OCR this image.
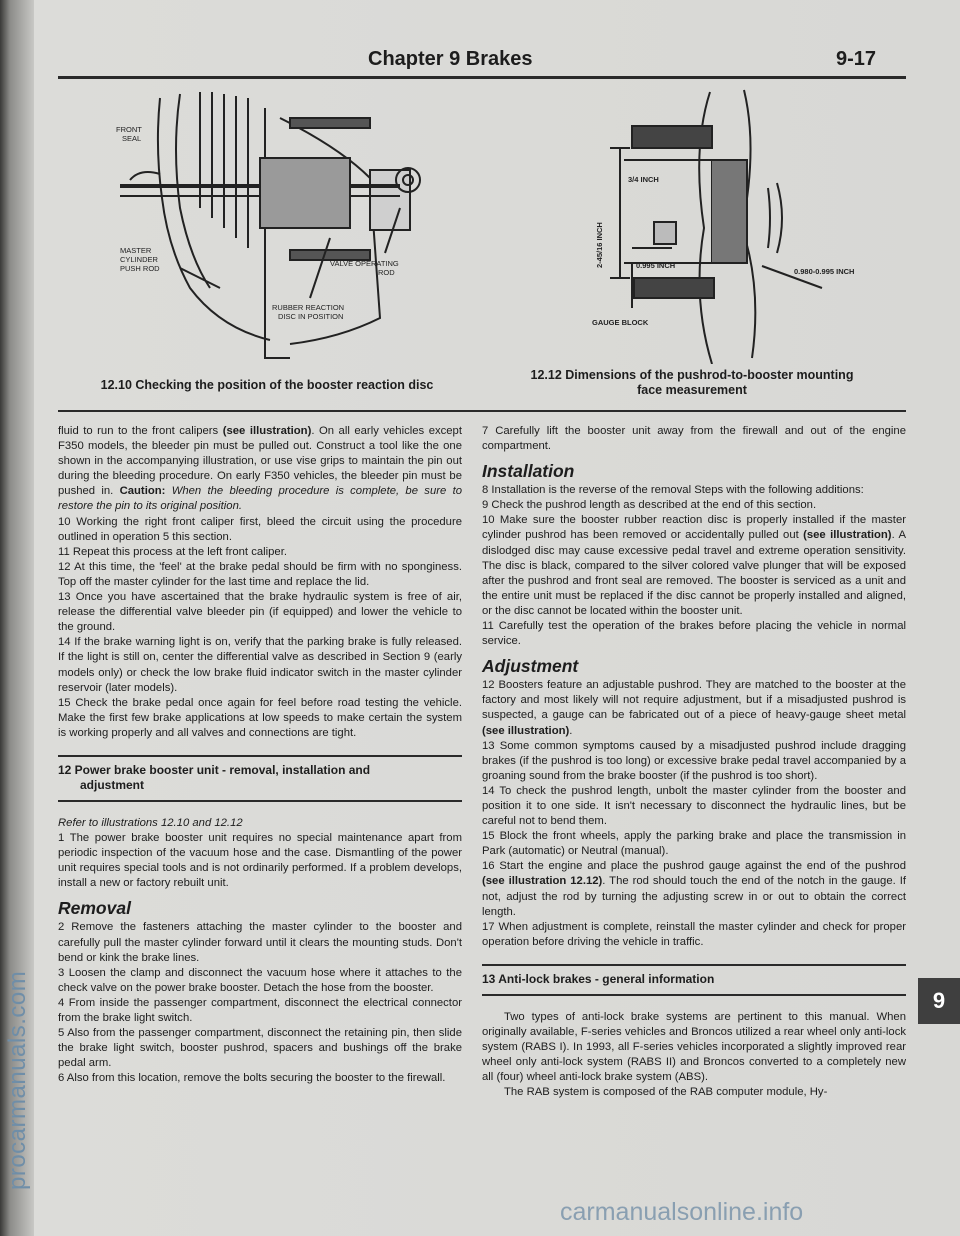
procarmanuals.com
Chapter 9 Brakes	9-17
FRONT
SEAL
MASTER
CYLINDER
PUSH ROD
VALVE OPERATING
ROD
RUBBER REACTION
DISC IN POSITION
3/4 INCH
2-45/16 INCH	0.995 INCH
0.980-0.995 INCH
GAUGE BLOCK
12.10 Checking the position of the booster reaction disc
12.12 Dimensions of the pushrod-to-booster mounting
face measurement

fluid to run to the front calipers (see illustration). On all early vehicles except F350 models, the bleeder pin must be pulled out. Construct a tool like the one shown in the accompanying illustration, or use vise grips to maintain the pin out during the bleeding procedure. On early F350 vehicles, the bleeder pin must be pushed in. Caution: When the bleeding procedure is complete, be sure to restore the pin to its original position.

10 Working the right front caliper first, bleed the circuit using the procedure outlined in operation 5 this section.

11 Repeat this process at the left front caliper.

12 At this time, the 'feel' at the brake pedal should be firm with no sponginess. Top off the master cylinder for the last time and replace the lid.

13 Once you have ascertained that the brake hydraulic system is free of air, release the differential valve bleeder pin (if equipped) and lower the vehicle to the ground.

14 If the brake warning light is on, verify that the parking brake is fully released. If the light is still on, center the differential valve as described in Section 9 (early models only) or check the low brake fluid indicator switch in the master cylinder reservoir (later models).

15 Check the brake pedal once again for feel before road testing the vehicle. Make the first few brake applications at low speeds to make certain the system is working properly and all valves and connections are tight.

12 Power brake booster unit - removal, installation and
adjustment

Refer to illustrations 12.10 and 12.12

1 The power brake booster unit requires no special maintenance apart from periodic inspection of the vacuum hose and the case. Dismantling of the power unit requires special tools and is not ordinarily performed. If a problem develops, install a new or factory rebuilt unit.

Removal

2 Remove the fasteners attaching the master cylinder to the booster and carefully pull the master cylinder forward until it clears the mounting studs. Don't bend or kink the brake lines.

3 Loosen the clamp and disconnect the vacuum hose where it attaches to the check valve on the power brake booster. Detach the hose from the booster.

4 From inside the passenger compartment, disconnect the electrical connector from the brake light switch.

5 Also from the passenger compartment, disconnect the retaining pin, then slide the brake light switch, booster pushrod, spacers and bushings off the brake pedal arm.

6 Also from this location, remove the bolts securing the booster to the firewall.

7 Carefully lift the booster unit away from the firewall and out of the engine compartment.

Installation

8 Installation is the reverse of the removal Steps with the following additions:

9 Check the pushrod length as described at the end of this section.

10 Make sure the booster rubber reaction disc is properly installed if the master cylinder pushrod has been removed or accidentally pulled out (see illustration). A dislodged disc may cause excessive pedal travel and extreme operation sensitivity. The disc is black, compared to the silver colored valve plunger that will be exposed after the pushrod and front seal are removed. The booster is serviced as a unit and the entire unit must be replaced if the disc cannot be properly installed and aligned, or the disc cannot be located within the booster unit.

11 Carefully test the operation of the brakes before placing the vehicle in normal service.

Adjustment

12 Boosters feature an adjustable pushrod. They are matched to the booster at the factory and most likely will not require adjustment, but if a misadjusted pushrod is suspected, a gauge can be fabricated out of a piece of heavy-gauge sheet metal (see illustration).

13 Some common symptoms caused by a misadjusted pushrod include dragging brakes (if the pushrod is too long) or excessive brake pedal travel accompanied by a groaning sound from the brake booster (if the pushrod is too short).

14 To check the pushrod length, unbolt the master cylinder from the booster and position it to one side. It isn't necessary to disconnect the hydraulic lines, but be careful not to bend them.

15 Block the front wheels, apply the parking brake and place the transmission in Park (automatic) or Neutral (manual).

16 Start the engine and place the pushrod gauge against the end of the pushrod (see illustration 12.12). The rod should touch the end of the notch in the gauge. If not, adjust the rod by turning the adjusting screw in or out to obtain the correct length.

17 When adjustment is complete, reinstall the master cylinder and check for proper operation before driving the vehicle in traffic.

13 Anti-lock brakes - general information

Two types of anti-lock brake systems are pertinent to this manual. When originally available, F-series vehicles and Broncos utilized a rear wheel only anti-lock system (RABS I). In 1993, all F-series vehicles incorporated a slightly improved rear wheel only anti-lock system (RABS II) and Broncos converted to a completely new all (four) wheel anti-lock brake system (ABS).

The RAB system is composed of the RAB computer module, Hy-

9
carmanualsonline.info
